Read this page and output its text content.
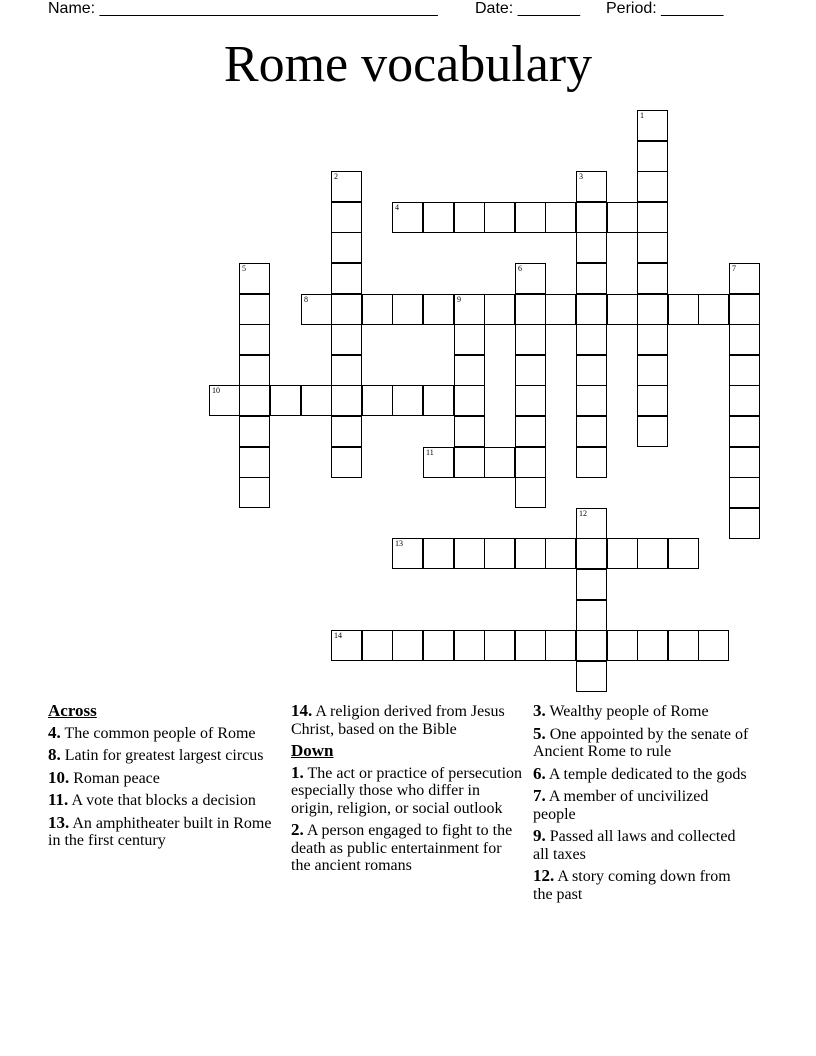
Name: ______________________________________ Date: _______ Period: _______
Rome vocabulary
1
2	3
4
5	6	7
8	9
10
11
12
13
14
Across
4. The common people of Rome
8. Latin for greatest largest circus
10. Roman peace
11. A vote that blocks a decision
13. An amphitheater built in Rome in the first century
14. A religion derived from Jesus Christ, based on the Bible
Down
1. The act or practice of persecution especially those who differ in origin, religion, or social outlook
2. A person engaged to fight to the death as public entertainment for the ancient romans
3. Wealthy people of Rome
5. One appointed by the senate of Ancient Rome to rule
6. A temple dedicated to the gods
7. A member of uncivilized people
9. Passed all laws and collected all taxes
12. A story coming down from the past
